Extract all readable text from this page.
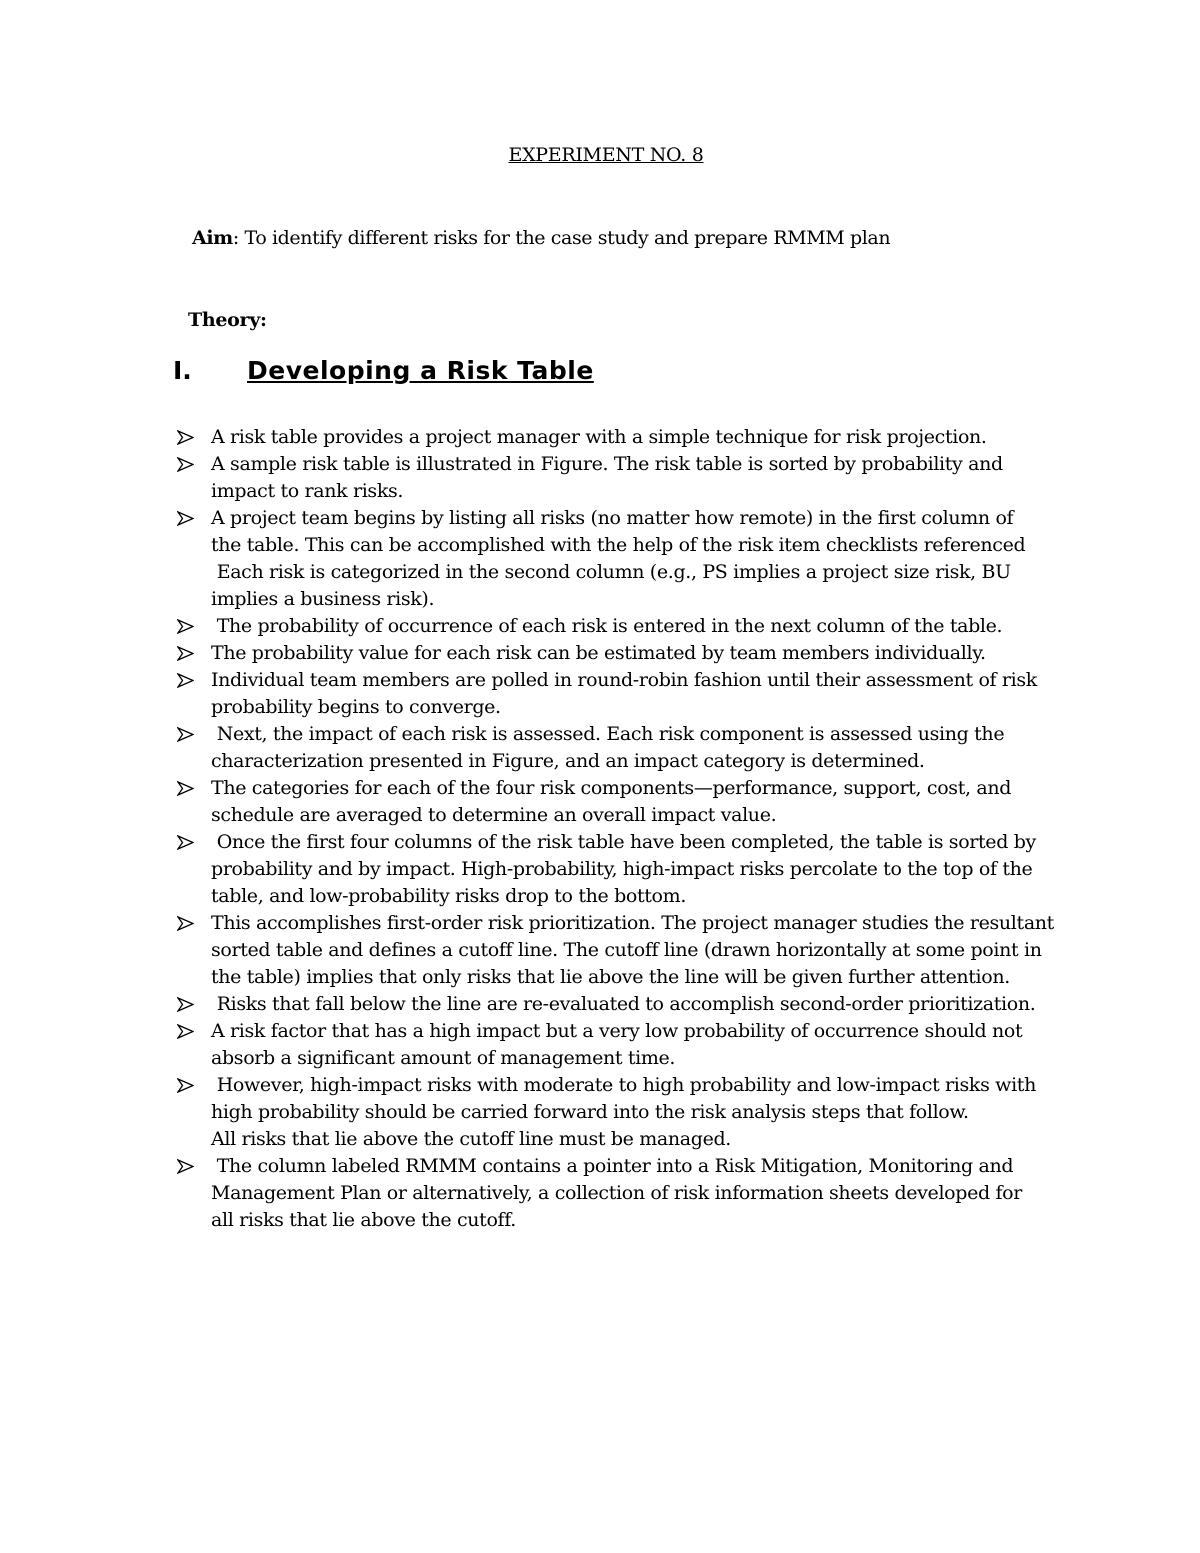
EXPERIMENT NO. 8
Aim: To identify different risks for the case study and prepare RMMM plan
Theory:
I. Developing a Risk Table
A risk table provides a project manager with a simple technique for risk projection.
A sample risk table is illustrated in Figure. The risk table is sorted by probability and
impact to rank risks.
A project team begins by listing all risks (no matter how remote) in the first column of
the table. This can be accomplished with the help of the risk item checklists referenced
Each risk is categorized in the second column (e.g., PS implies a project size risk, BU
implies a business risk).
The probability of occurrence of each risk is entered in the next column of the table.
The probability value for each risk can be estimated by team members individually.
Individual team members are polled in round-robin fashion until their assessment of risk
probability begins to converge.
Next, the impact of each risk is assessed. Each risk component is assessed using the
characterization presented in Figure, and an impact category is determined.
The categories for each of the four risk components—performance, support, cost, and
schedule are averaged to determine an overall impact value.
Once the first four columns of the risk table have been completed, the table is sorted by
probability and by impact. High-probability, high-impact risks percolate to the top of the
table, and low-probability risks drop to the bottom.
This accomplishes first-order risk prioritization. The project manager studies the resultant
sorted table and defines a cutoff line. The cutoff line (drawn horizontally at some point in
the table) implies that only risks that lie above the line will be given further attention.
Risks that fall below the line are re-evaluated to accomplish second-order prioritization.
A risk factor that has a high impact but a very low probability of occurrence should not
absorb a significant amount of management time.
However, high-impact risks with moderate to high probability and low-impact risks with
high probability should be carried forward into the risk analysis steps that follow.
All risks that lie above the cutoff line must be managed.
The column labeled RMMM contains a pointer into a Risk Mitigation, Monitoring and
Management Plan or alternatively, a collection of risk information sheets developed for
all risks that lie above the cutoff.
